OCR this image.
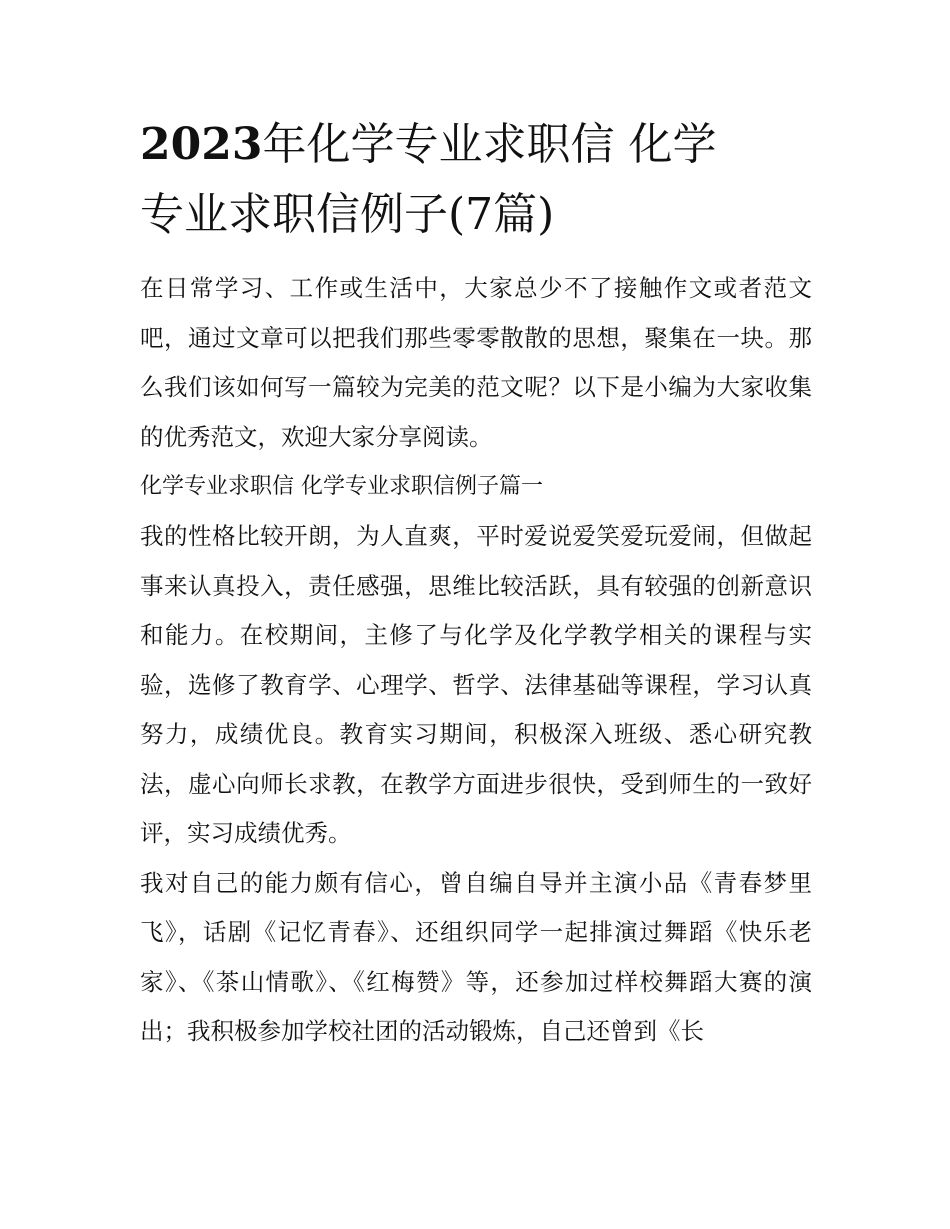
2023年化学专业求职信 化学
专业求职信例子(7篇)

在日常学习、工作或生活中，大家总少不了接触作文或者范文吧，通过文章可以把我们那些零零散散的思想，聚集在一块。那么我们该如何写一篇较为完美的范文呢？以下是小编为大家收集的优秀范文，欢迎大家分享阅读。

化学专业求职信 化学专业求职信例子篇一

我的性格比较开朗，为人直爽，平时爱说爱笑爱玩爱闹，但做起事来认真投入，责任感强，思维比较活跃，具有较强的创新意识和能力。在校期间，主修了与化学及化学教学相关的课程与实验，选修了教育学、心理学、哲学、法律基础等课程，学习认真努力，成绩优良。教育实习期间，积极深入班级、悉心研究教法，虚心向师长求教，在教学方面进步很快，受到师生的一致好评，实习成绩优秀。

我对自己的能力颇有信心，曾自编自导并主演小品《青春梦里飞》，话剧《记忆青春》、还组织同学一起排演过舞蹈《快乐老家》、《茶山情歌》、《红梅赞》等，还参加过样校舞蹈大赛的演出；我积极参加学校社团的活动锻炼，自己还曾到《长
